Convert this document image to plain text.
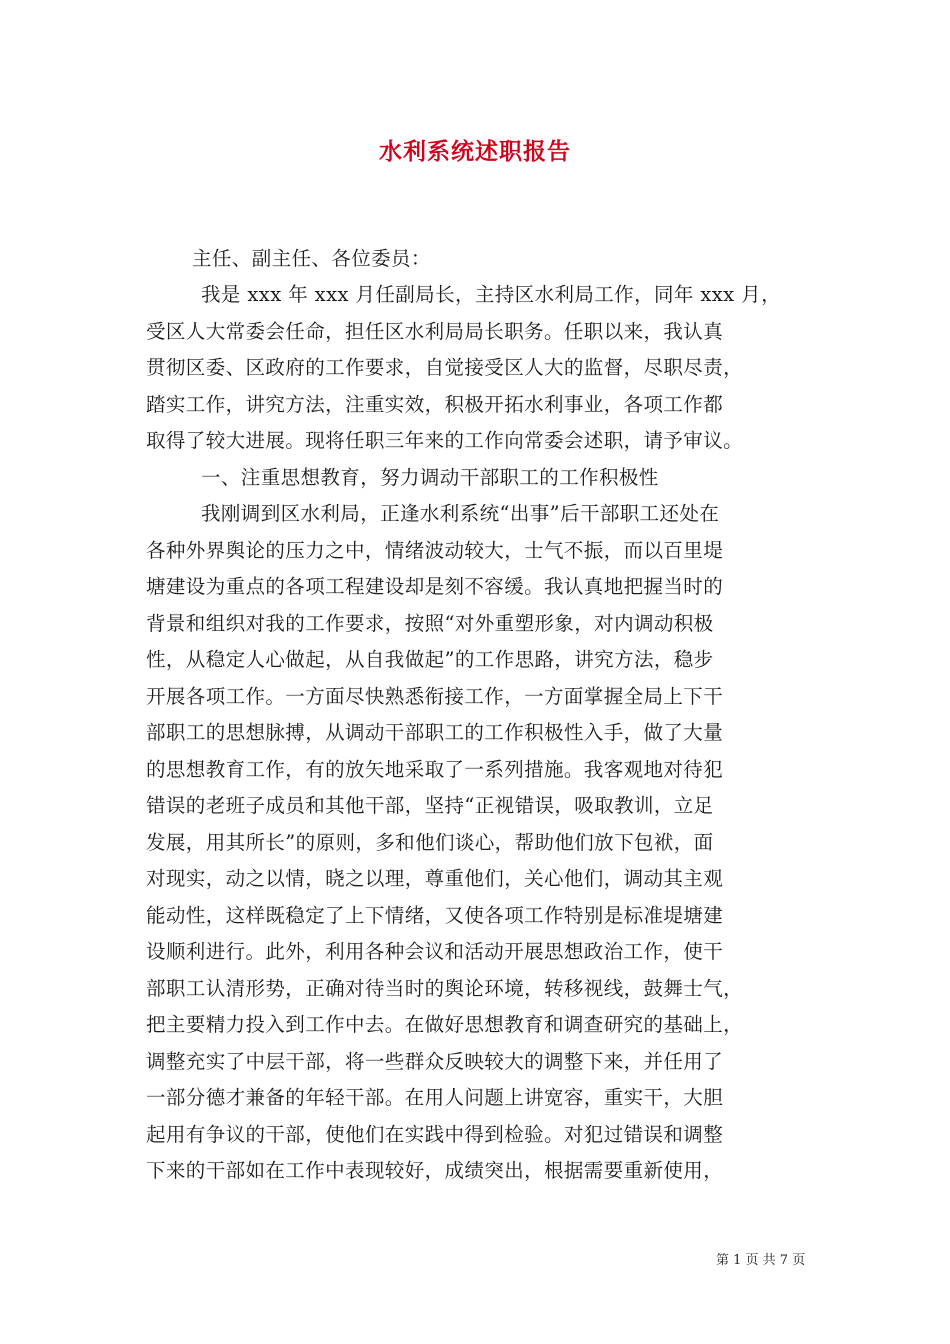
水利系统述职报告
主任、副主任、各位委员：
我是 xxx 年 xxx 月任副局长，主持区水利局工作，同年 xxx 月，
受区人大常委会任命，担任区水利局局长职务。任职以来，我认真
贯彻区委、区政府的工作要求，自觉接受区人大的监督，尽职尽责，
踏实工作，讲究方法，注重实效，积极开拓水利事业，各项工作都
取得了较大进展。现将任职三年来的工作向常委会述职，请予审议。
一、注重思想教育，努力调动干部职工的工作积极性
我刚调到区水利局，正逢水利系统“出事”后干部职工还处在
各种外界舆论的压力之中，情绪波动较大，士气不振，而以百里堤
塘建设为重点的各项工程建设却是刻不容缓。我认真地把握当时的
背景和组织对我的工作要求，按照“对外重塑形象，对内调动积极
性，从稳定人心做起，从自我做起”的工作思路，讲究方法，稳步
开展各项工作。一方面尽快熟悉衔接工作，一方面掌握全局上下干
部职工的思想脉搏，从调动干部职工的工作积极性入手，做了大量
的思想教育工作，有的放矢地采取了一系列措施。我客观地对待犯
错误的老班子成员和其他干部，坚持“正视错误，吸取教训，立足
发展，用其所长”的原则，多和他们谈心，帮助他们放下包袱，面
对现实，动之以情，晓之以理，尊重他们，关心他们，调动其主观
能动性，这样既稳定了上下情绪，又使各项工作特别是标准堤塘建
设顺利进行。此外，利用各种会议和活动开展思想政治工作，使干
部职工认清形势，正确对待当时的舆论环境，转移视线，鼓舞士气，
把主要精力投入到工作中去。在做好思想教育和调查研究的基础上，
调整充实了中层干部，将一些群众反映较大的调整下来，并任用了
一部分德才兼备的年轻干部。在用人问题上讲宽容，重实干，大胆
起用有争议的干部，使他们在实践中得到检验。对犯过错误和调整
下来的干部如在工作中表现较好，成绩突出，根据需要重新使用，
第 1 页 共 7 页
